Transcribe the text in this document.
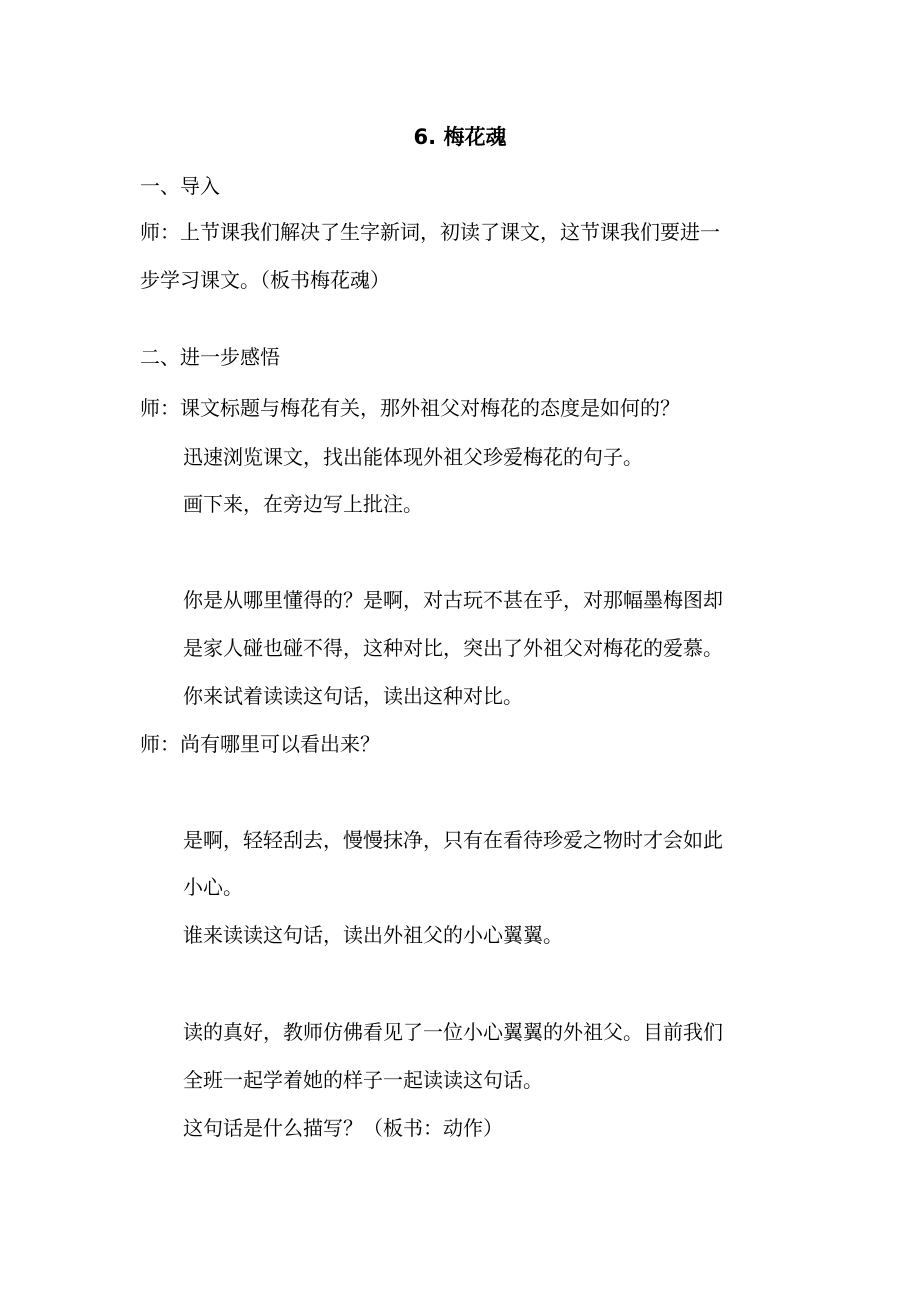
6. 梅花魂
一、导入
师：上节课我们解决了生字新词，初读了课文，这节课我们要进一
步学习课文。（板书梅花魂）
二、进一步感悟
师：课文标题与梅花有关，那外祖父对梅花的态度是如何的？
迅速浏览课文，找出能体现外祖父珍爱梅花的句子。
画下来，在旁边写上批注。
你是从哪里懂得的？是啊，对古玩不甚在乎，对那幅墨梅图却
是家人碰也碰不得，这种对比，突出了外祖父对梅花的爱慕。
你来试着读读这句话，读出这种对比。
师：尚有哪里可以看出来？
是啊，轻轻刮去，慢慢抹净，只有在看待珍爱之物时才会如此
小心。
谁来读读这句话，读出外祖父的小心翼翼。
读的真好，教师仿佛看见了一位小心翼翼的外祖父。目前我们
全班一起学着她的样子一起读读这句话。
这句话是什么描写？（板书：动作）
